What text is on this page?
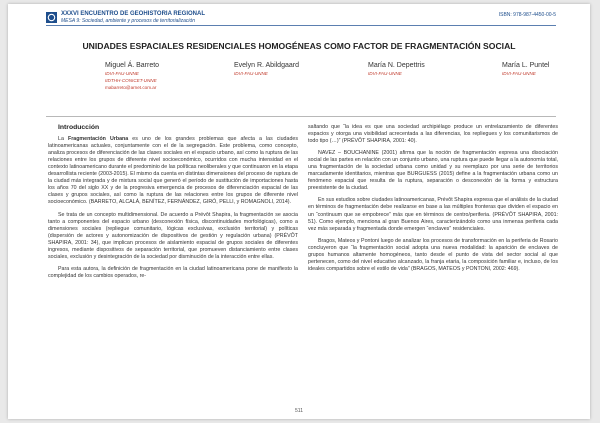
XXXVI ENCUENTRO DE GEOHISTORIA REGIONAL
MESA 9: Sociedad, ambiente y procesos de territorialización
ISBN: 978-987-4450-00-5
UNIDADES ESPACIALES RESIDENCIALES HOMOGÉNEAS COMO FACTOR DE FRAGMENTACIÓN SOCIAL
Miguel Á. Barreto
IDVI-FAU-UNNE
IIDTHH-CONICET-UNNE
mabarreto@arnet.com.ar
Evelyn R. Abildgaard
IDVI-FAU-UNNE
María N. Depettris
IDVI-FAU-UNNE
María L. Puntel
IDVI-FAU-UNNE

Introducción

La Fragmentación Urbana es uno de los grandes problemas que afecta a las ciudades latinoamericanas actuales, conjuntamente con el de la segregación. Este problema, como concepto, analiza procesos de diferenciación de las clases sociales en el espacio urbano, así como la ruptura de las relaciones entre los grupos de diferente nivel socioeconómico, ocurridos con mucha intensidad en el contexto latinoamericano durante el predominio de las políticas neoliberales y que continuaron en la etapa desarrollista reciente (2003-2015). El mismo da cuenta en distintas dimensiones del proceso de ruptura de la ciudad más integrada y de mixtura social que generó el período de sustitución de importaciones hasta los años 70 del siglo XX y de la progresiva emergencia de procesos de diferenciación espacial de las clases y grupos sociales, así como la ruptura de las relaciones entre los grupos de diferente nivel socioeconómico. (BARRETO, ALCALÁ, BENÍTEZ, FERNÁNDEZ, GIRÓ, PELLI, y ROMAGNOLI, 2014).

Se trata de un concepto multidimensional. De acuerdo a Prévôt Shapira, la fragmentación se asocia tanto a componentes del espacio urbano (desconexión física, discontinuidades morfológicas), como a dimensiones sociales (repliegue comunitario, lógicas exclusivas, exclusión territorial) y políticas (dispersión de actores y autonomización de dispositivos de gestión y regulación urbana) (PRÉVÔT SHAPIRA, 2001: 34), que implican procesos de aislamiento espacial de grupos sociales de diferentes ingresos, mediante dispositivos de separación territorial, que promueven distanciamiento entre clases sociales, exclusión y desintegración de la sociedad por disminución de la interacción entre ellas.

Para esta autora, la definición de fragmentación en la ciudad latinoamericana pone de manifiesto la complejidad de los cambios operados, re-

saltando que “la idea es que una sociedad archipiélago produce un entrelazamiento de diferentes espacios y otorga una visibilidad acrecentada a las diferencias, los repliegues y los comunitarismos de todo tipo (…)” (PRÉVÔT SHAPIRA, 2001: 40).

NAVEZ – BOUCHANINE (2001) afirma que la noción de fragmentación expresa una disociación social de las partes en relación con un conjunto urbano, una ruptura que puede llegar a la autonomía total, una fragmentación de la sociedad urbana como unidad y su reemplazo por una serie de territorios marcadamente identitarios, mientras que BURGUESS (2015) define a la fragmentación urbana como un fenómeno espacial que resulta de la ruptura, separación o desconexión de la forma y estructura preexistente de la ciudad.

En sus estudios sobre ciudades latinoamericanas, Prévôt Shapira expresa que el análisis de la ciudad en términos de fragmentación debe realizarse en base a las múltiples fronteras que dividen el espacio en un “continuum que se empobrece” más que en términos de centro/periferia. (PRÉVÔT SHAPIRA, 2001: 51). Como ejemplo, menciona al gran Buenos Aires, caracterizándolo como una inmensa periferia cada vez más separada y fragmentada donde emergen “enclaves” residenciales.

Bragos, Mateos y Pontoni luego de analizar los procesos de transformación en la periferia de Rosario concluyeron que “la fragmentación social adopta una nueva modalidad: la aparición de enclaves de grupos humanos altamente homogéneos, tanto desde el punto de vista del sector social al que pertenecen, como del nivel educativo alcanzado, la franja etaria, la composición familiar e, incluso, de los ideales compartidos sobre el estilo de vida” (BRAGOS, MATEOS y PONTONI, 2002: 469).

511
